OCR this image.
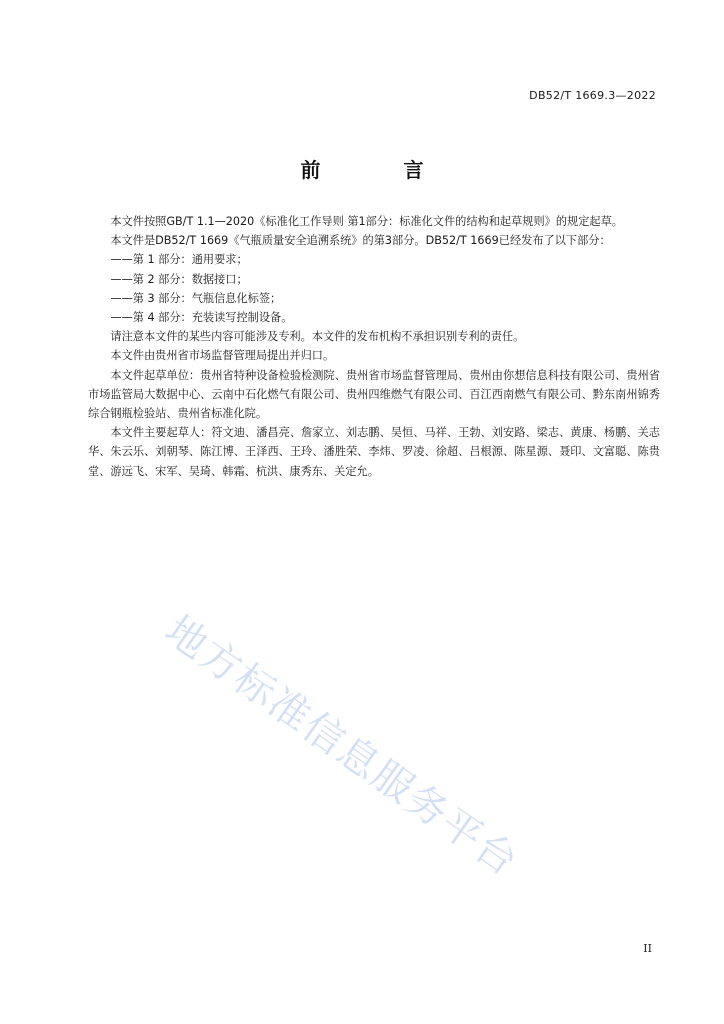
DB52/T 1669.3—2022
前 言

本文件按照GB/T 1.1—2020《标准化工作导则 第1部分：标准化文件的结构和起草规则》的规定起草。

本文件是DB52/T 1669《气瓶质量安全追溯系统》的第3部分。DB52/T 1669已经发布了以下部分：

——第 1 部分：通用要求；

——第 2 部分：数据接口；

——第 3 部分：气瓶信息化标签；

——第 4 部分：充装读写控制设备。

请注意本文件的某些内容可能涉及专利。本文件的发布机构不承担识别专利的责任。

本文件由贵州省市场监督管理局提出并归口。

本文件起草单位：贵州省特种设备检验检测院、贵州省市场监督管理局、贵州由你想信息科技有限公司、贵州省市场监管局大数据中心、云南中石化燃气有限公司、贵州四维燃气有限公司、百江西南燃气有限公司、黔东南州锦秀综合钢瓶检验站、贵州省标准化院。

本文件主要起草人：符文迪、潘昌亮、詹家立、刘志鹏、吴恒、马祥、王勃、刘安路、梁志、黄康、杨鹏、关志华、朱云乐、刘朝琴、陈江博、王泽西、王玲、潘胜荣、李炜、罗凌、徐超、吕根源、陈星源、聂印、文富聪、陈贵堂、游远飞、宋军、吴琦、韩霜、杭洪、康秀东、关定允。

地方标准信息服务平台
II
